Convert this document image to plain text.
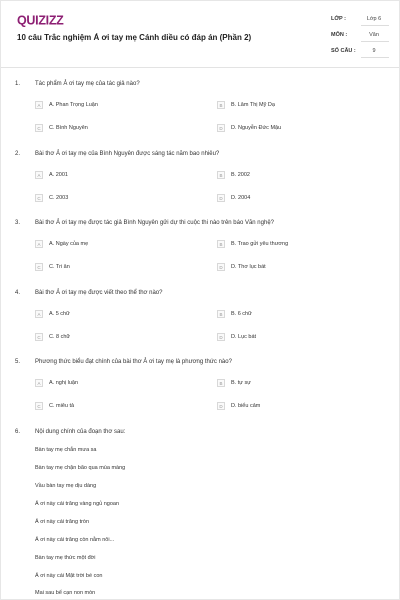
QUIZIZZ
10 câu Trắc nghiệm Ả ơi tay mẹ Cánh diều có đáp án (Phần 2)
LỚP :	Lớp 6
MÔN :	Văn
SỐ CÂU :	9
1. Tác phẩm Ả ơi tay mẹ của tác giả nào?
A	A. Phan Trọng Luận	B	B. Lâm Thị Mỹ Dạ
C	C. Bình Nguyên	D	D. Nguyễn Đức Mậu
2. Bài thơ Ả ơi tay mẹ của Bình Nguyên được sáng tác năm bao nhiêu?
A	A. 2001	B	B. 2002
C	C. 2003	D	D. 2004
3. Bài thơ Ả ơi tay mẹ được tác giả Bình Nguyên gửi dự thi cuộc thi nào trên báo Văn nghệ?
A	A. Ngày của mẹ	B	B. Trao gửi yêu thương
C	C. Tri ân	D	D. Thơ lục bát
4. Bài thơ Ả ơi tay mẹ được viết theo thể thơ nào?
A	A. 5 chữ	B	B. 6 chữ
C	C. 8 chữ	D	D. Lục bát
5. Phương thức biểu đạt chính của bài thơ Ả ơi tay mẹ là phương thức nào?
A	A. nghị luận	B	B. tự sự
C	C. miêu tả	D	D. biểu cảm
6. Nội dung chính của đoạn thơ sau:
Bàn tay mẹ chắn mưa sa
Bàn tay mẹ chặn bão qua mùa màng
Vầu bàn tay mẹ dịu dàng
Ả ơi này cái trăng vàng ngủ ngoan
Ả ơi này cái trăng tròn
Ả ơi này cái trăng còn nằm nôi...
Bàn tay mẹ thức một đời
Ả ơi này cái Mặt trời bé con
Mai sau bể cạn non mòn
